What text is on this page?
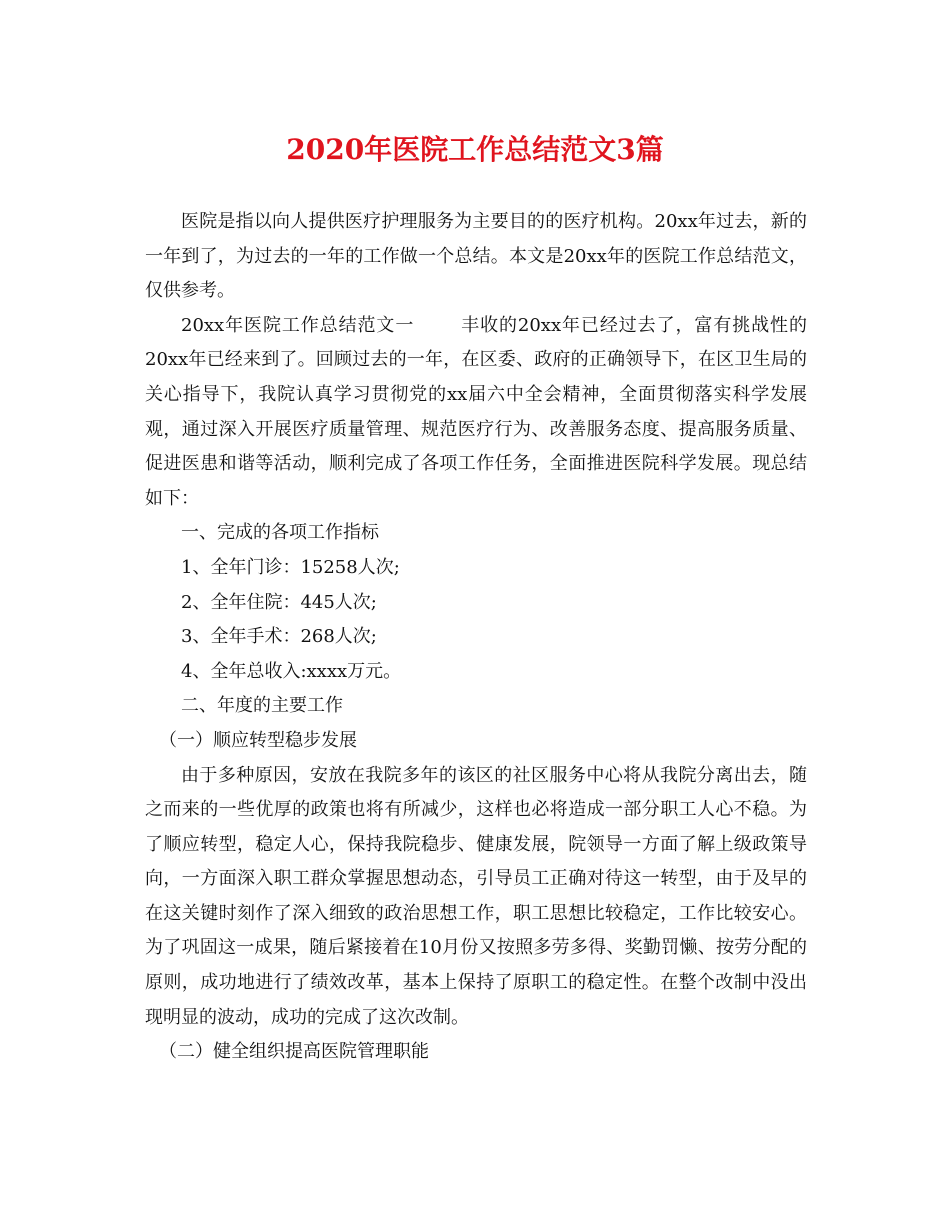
2020年医院工作总结范文3篇

医院是指以向人提供医疗护理服务为主要目的的医疗机构。20xx年过去，新的一年到了，为过去的一年的工作做一个总结。本文是20xx年的医院工作总结范文，仅供参考。

20xx年医院工作总结范文一	丰收的20xx年已经过去了，富有挑战性的20xx年已经来到了。回顾过去的一年，在区委、政府的正确领导下，在区卫生局的关心指导下，我院认真学习贯彻党的xx届六中全会精神，全面贯彻落实科学发展观，通过深入开展医疗质量管理、规范医疗行为、改善服务态度、提高服务质量、促进医患和谐等活动，顺利完成了各项工作任务，全面推进医院科学发展。现总结如下：

一、完成的各项工作指标

1、全年门诊：15258人次;

2、全年住院：445人次;

3、全年手术：268人次;

4、全年总收入:xxxx万元。

二、年度的主要工作

（一）顺应转型稳步发展

由于多种原因，安放在我院多年的该区的社区服务中心将从我院分离出去，随之而来的一些优厚的政策也将有所减少，这样也必将造成一部分职工人心不稳。为了顺应转型，稳定人心，保持我院稳步、健康发展，院领导一方面了解上级政策导向，一方面深入职工群众掌握思想动态，引导员工正确对待这一转型，由于及早的在这关键时刻作了深入细致的政治思想工作，职工思想比较稳定，工作比较安心。为了巩固这一成果，随后紧接着在10月份又按照多劳多得、奖勤罚懒、按劳分配的原则，成功地进行了绩效改革，基本上保持了原职工的稳定性。在整个改制中没出现明显的波动，成功的完成了这次改制。

（二）健全组织提高医院管理职能
